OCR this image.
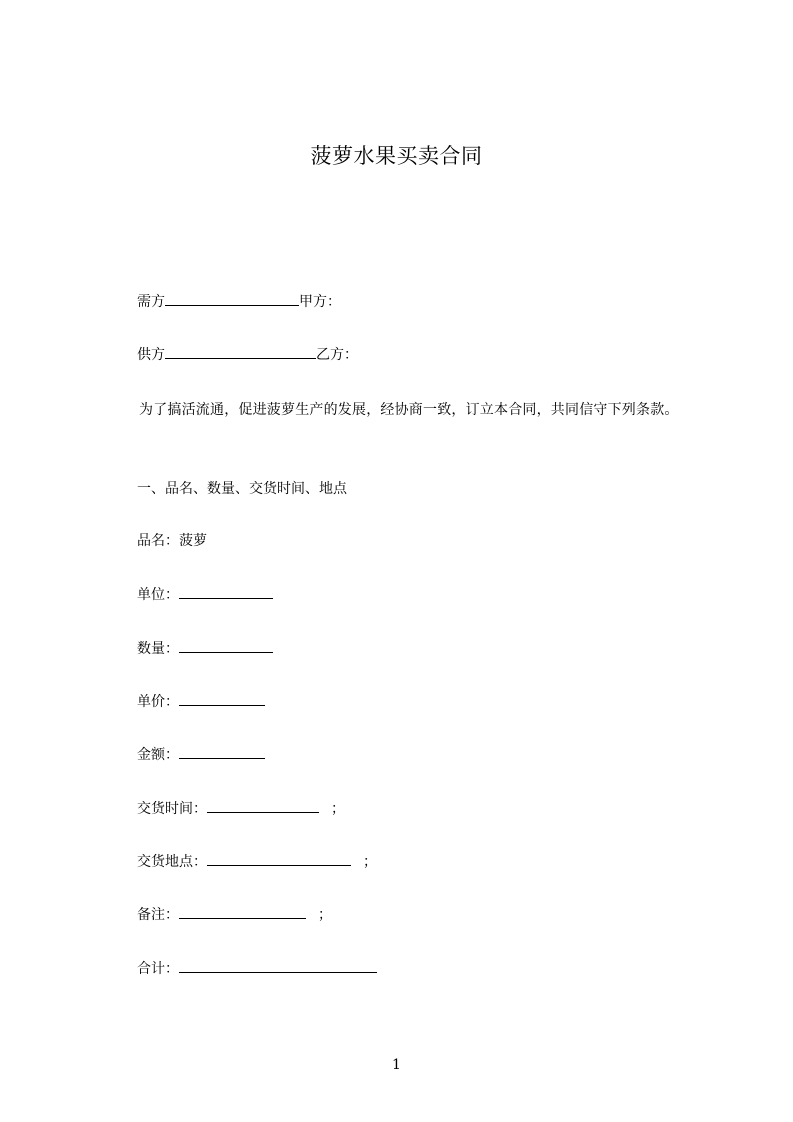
菠萝水果买卖合同
需方	甲方：
供方	乙方：
为了搞活流通，促进菠萝生产的发展，经协商一致，订立本合同，共同信守下列条款。
一、品名、数量、交货时间、地点
品名：菠萝
单位：
数量：
单价：
金额：
交货时间：	；
交货地点：	；
备注：	；
合计：
1
